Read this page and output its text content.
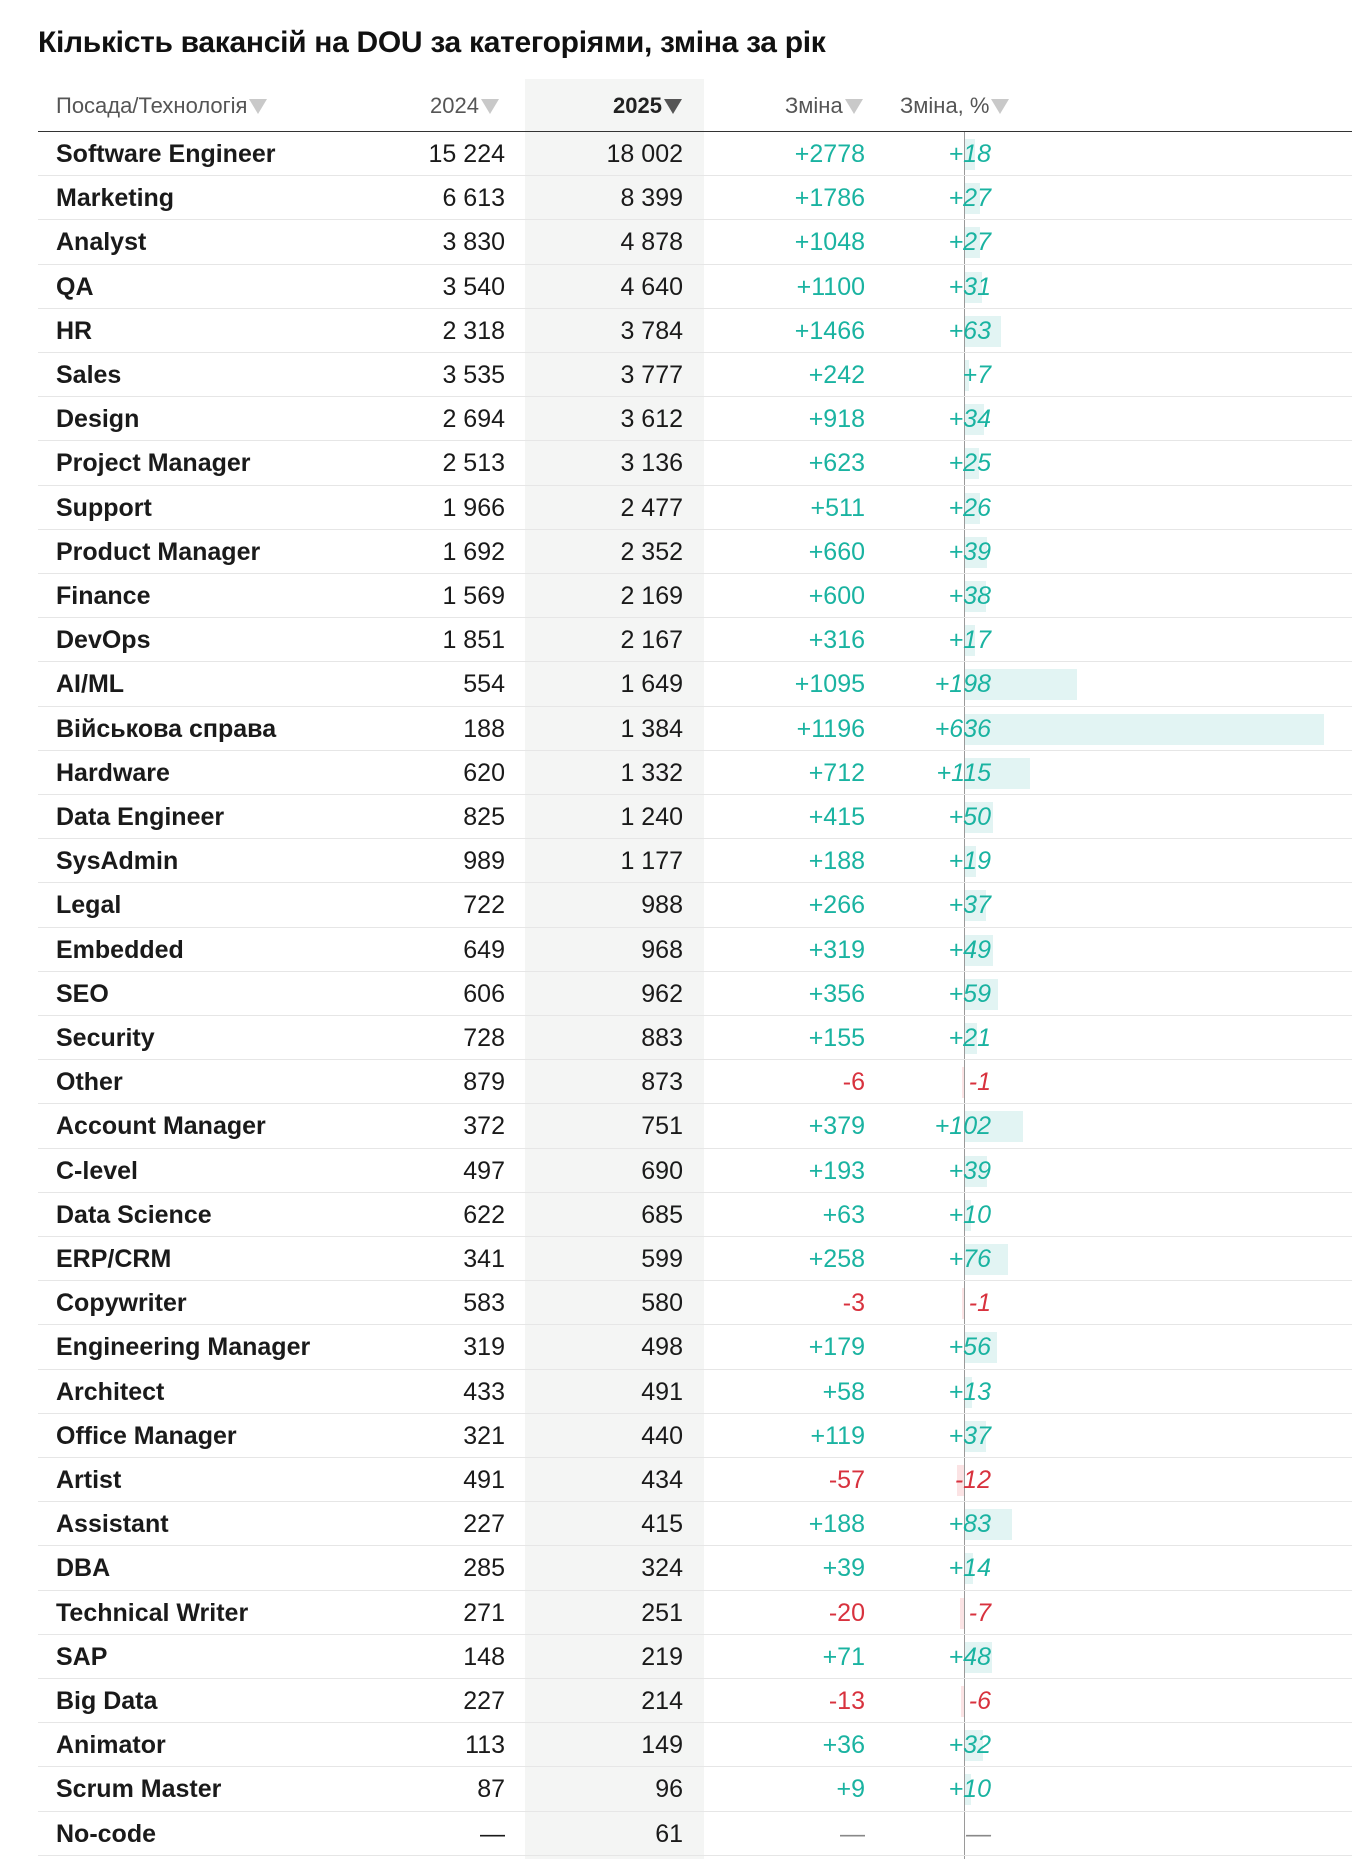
Кількість вакансій на DOU за категоріями, зміна за рік
Посада/Технологія	2024	2025	Зміна	Зміна, %
Software Engineer	15 224	18 002	+2778	+18
Marketing	6 613	8 399	+1786	+27
Analyst	3 830	4 878	+1048	+27
QA	3 540	4 640	+1100	+31
HR	2 318	3 784	+1466	+63
Sales	3 535	3 777	+242	+7
Design	2 694	3 612	+918	+34
Project Manager	2 513	3 136	+623	+25
Support	1 966	2 477	+511	+26
Product Manager	1 692	2 352	+660	+39
Finance	1 569	2 169	+600	+38
DevOps	1 851	2 167	+316	+17
AI/ML	554	1 649	+1095	+198
Військова справа	188	1 384	+1196	+636
Hardware	620	1 332	+712	+115
Data Engineer	825	1 240	+415	+50
SysAdmin	989	1 177	+188	+19
Legal	722	988	+266	+37
Embedded	649	968	+319	+49
SEO	606	962	+356	+59
Security	728	883	+155	+21
Other	879	873	-6	-1
Account Manager	372	751	+379	+102
C-level	497	690	+193	+39
Data Science	622	685	+63	+10
ERP/CRM	341	599	+258	+76
Copywriter	583	580	-3	-1
Engineering Manager	319	498	+179	+56
Architect	433	491	+58	+13
Office Manager	321	440	+119	+37
Artist	491	434	-57	-12
Assistant	227	415	+188	+83
DBA	285	324	+39	+14
Technical Writer	271	251	-20	-7
SAP	148	219	+71	+48
Big Data	227	214	-13	-6
Animator	113	149	+36	+32
Scrum Master	87	96	+9	+10
No-code	—	61	—	—
